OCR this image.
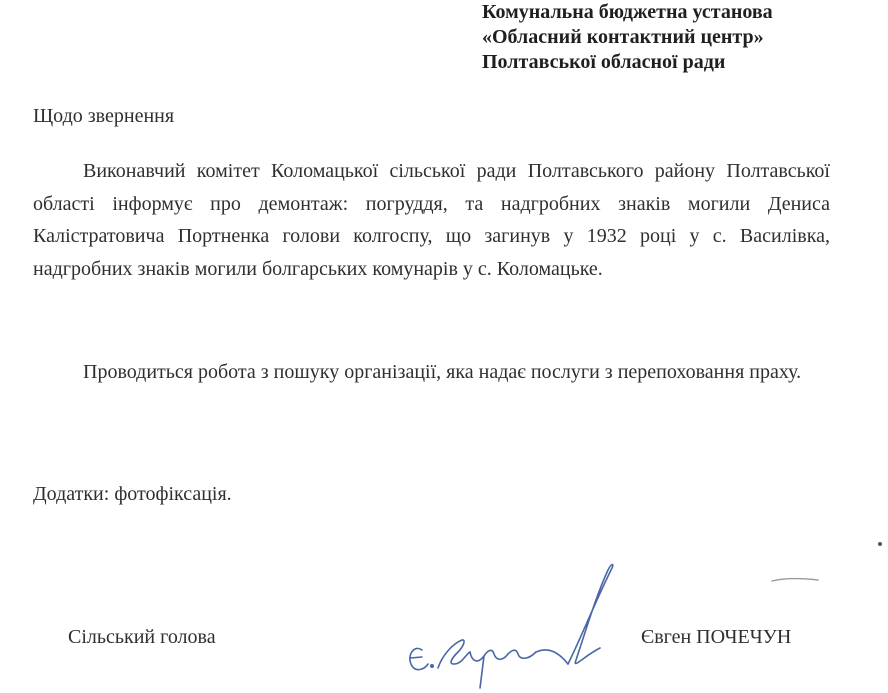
Комунальна бюджетна установа
«Обласний контактний центр»
Полтавської обласної ради
Щодо звернення

Виконавчий комітет Коломацької сільської ради Полтавського району Полтавської області інформує про демонтаж: погруддя, та надгробних знаків могили Дениса Калістратовича Портненка голови колгоспу, що загинув у 1932 році у с. Василівка, надгробних знаків могили болгарських комунарів у с. Коломацьке.

Проводиться робота з пошуку організації, яка надає послуги з перепоховання праху.

Додатки: фотофіксація.
Сільський голова	Євген ПОЧЕЧУН
